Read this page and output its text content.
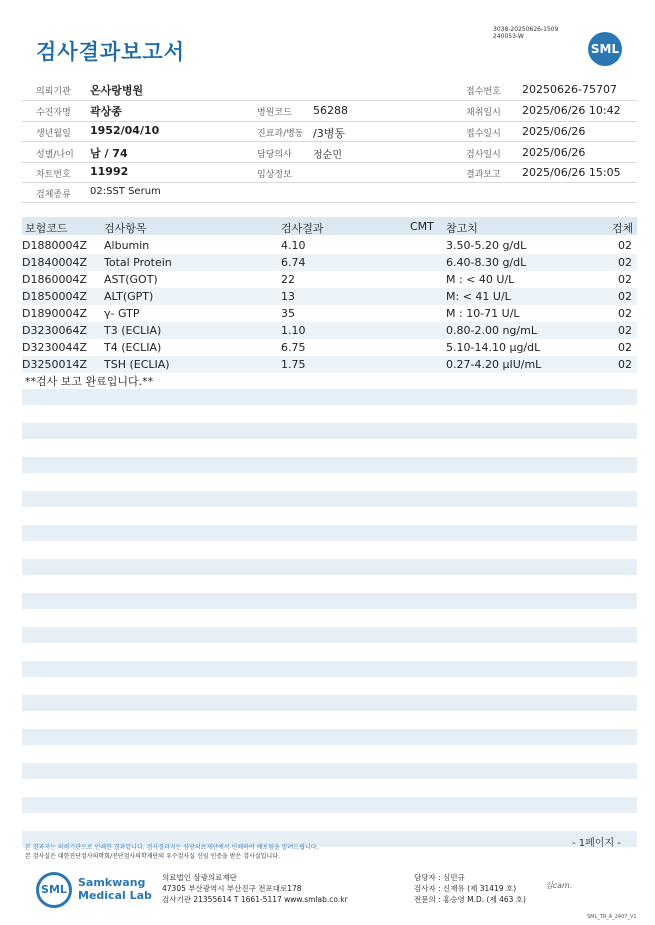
검사결과보고서
3038-20250626-1509
240053-W
SML
의뢰기관 온사랑병원	접수번호 20250626-75707
수진자명 곽상종	병원코드 56288	채취일시 2025/06/26 10:42
생년월일 1952/04/10	진료과/병동 /3병동	접수일시 2025/06/26
성별/나이 남 / 74	담당의사 정순민	검사일시 2025/06/26
차트번호 11992	임상정보	결과보고 2025/06/26 15:05
검체종류 02:SST Serum
보험코드	검사항목	검사결과	CMT 참고치	검체
D1880004Z Albumin	4.10	3.50-5.20 g/dL	02
D1840004Z Total Protein	6.74	6.40-8.30 g/dL	02
D1860004Z AST(GOT)	22	M : < 40 U/L	02
D1850004Z ALT(GPT)	13	M: < 41 U/L	02
D1890004Z γ- GTP	35	M : 10-71 U/L	02
D3230064Z T3 (ECLIA)	1.10	0.80-2.00 ng/mL	02
D3230044Z T4 (ECLIA)	6.75	5.10-14.10 µg/dL	02
D3250014Z TSH (ECLIA)	1.75	0.27-4.20 µIU/mL	02
**검사 보고 완료입니다.**
- 1페이지 -
본 결과지는 의뢰기관으로 인쇄한 결과입니다. 검사결과지는 삼광의료재단에서 인쇄하여 배포됨을 알려드립니다.
본 검사실은 대한진단검사의학회/진단검사의학재단의 우수검사실 신임 인증을 받은 검사실입니다.
SML
Samkwang
Medical Lab
의료법인 삼광의료재단
47305 부산광역시 부산진구 전포대로178
검사기관 21355614 T 1661-5117 www.smlab.co.kr
담당자 : 심민규
검사자 : 신재유 (제 31419 호)
전문의 : 홍승영 M.D. (제 463 호)
심cam.
SML_TR_A_2407_V1
